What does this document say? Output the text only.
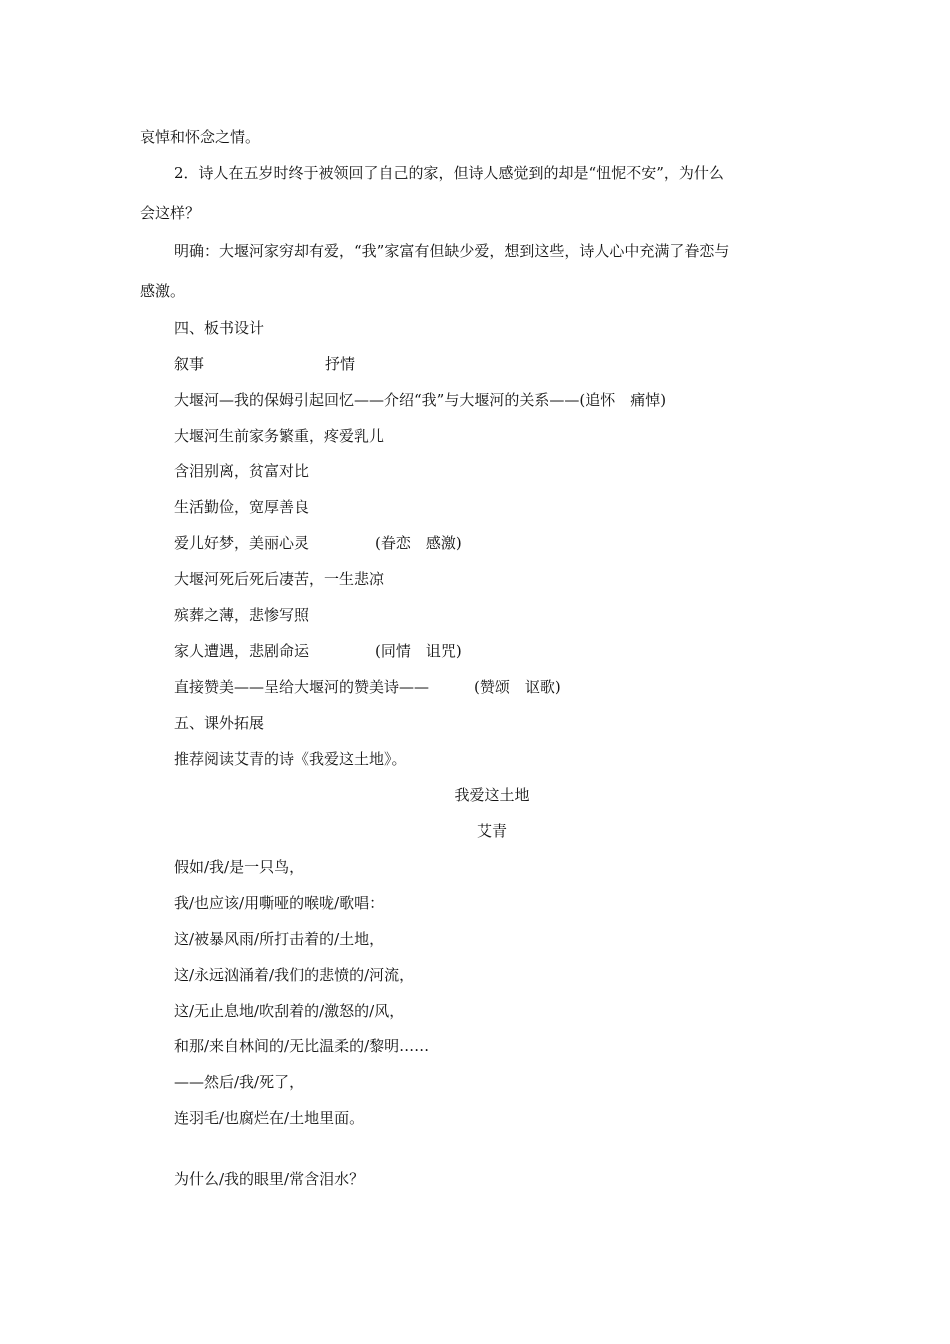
哀悼和怀念之情。
2．诗人在五岁时终于被领回了自己的家，但诗人感觉到的却是“忸怩不安”，为什么
会这样？
明确：大堰河家穷却有爱，“我”家富有但缺少爱，想到这些，诗人心中充满了眷恋与
感激。
四、板书设计
叙事	抒情
大堰河—我的保姆引起回忆——介绍“我”与大堰河的关系——(追怀　痛悼)
大堰河生前家务繁重，疼爱乳儿
含泪别离，贫富对比
生活勤俭，宽厚善良
爱儿好梦，美丽心灵	(眷恋　感激)
大堰河死后死后凄苦，一生悲凉
殡葬之薄，悲惨写照
家人遭遇，悲剧命运	(同情　诅咒)
直接赞美——呈给大堰河的赞美诗——	(赞颂　讴歌)
五、课外拓展
推荐阅读艾青的诗《我爱这土地》。
我爱这土地
艾青
假如/我/是一只鸟，
我/也应该/用嘶哑的喉咙/歌唱：
这/被暴风雨/所打击着的/土地，
这/永远汹涌着/我们的悲愤的/河流，
这/无止息地/吹刮着的/激怒的/风，
和那/来自林间的/无比温柔的/黎明……
——然后/我/死了，
连羽毛/也腐烂在/土地里面。
为什么/我的眼里/常含泪水？
